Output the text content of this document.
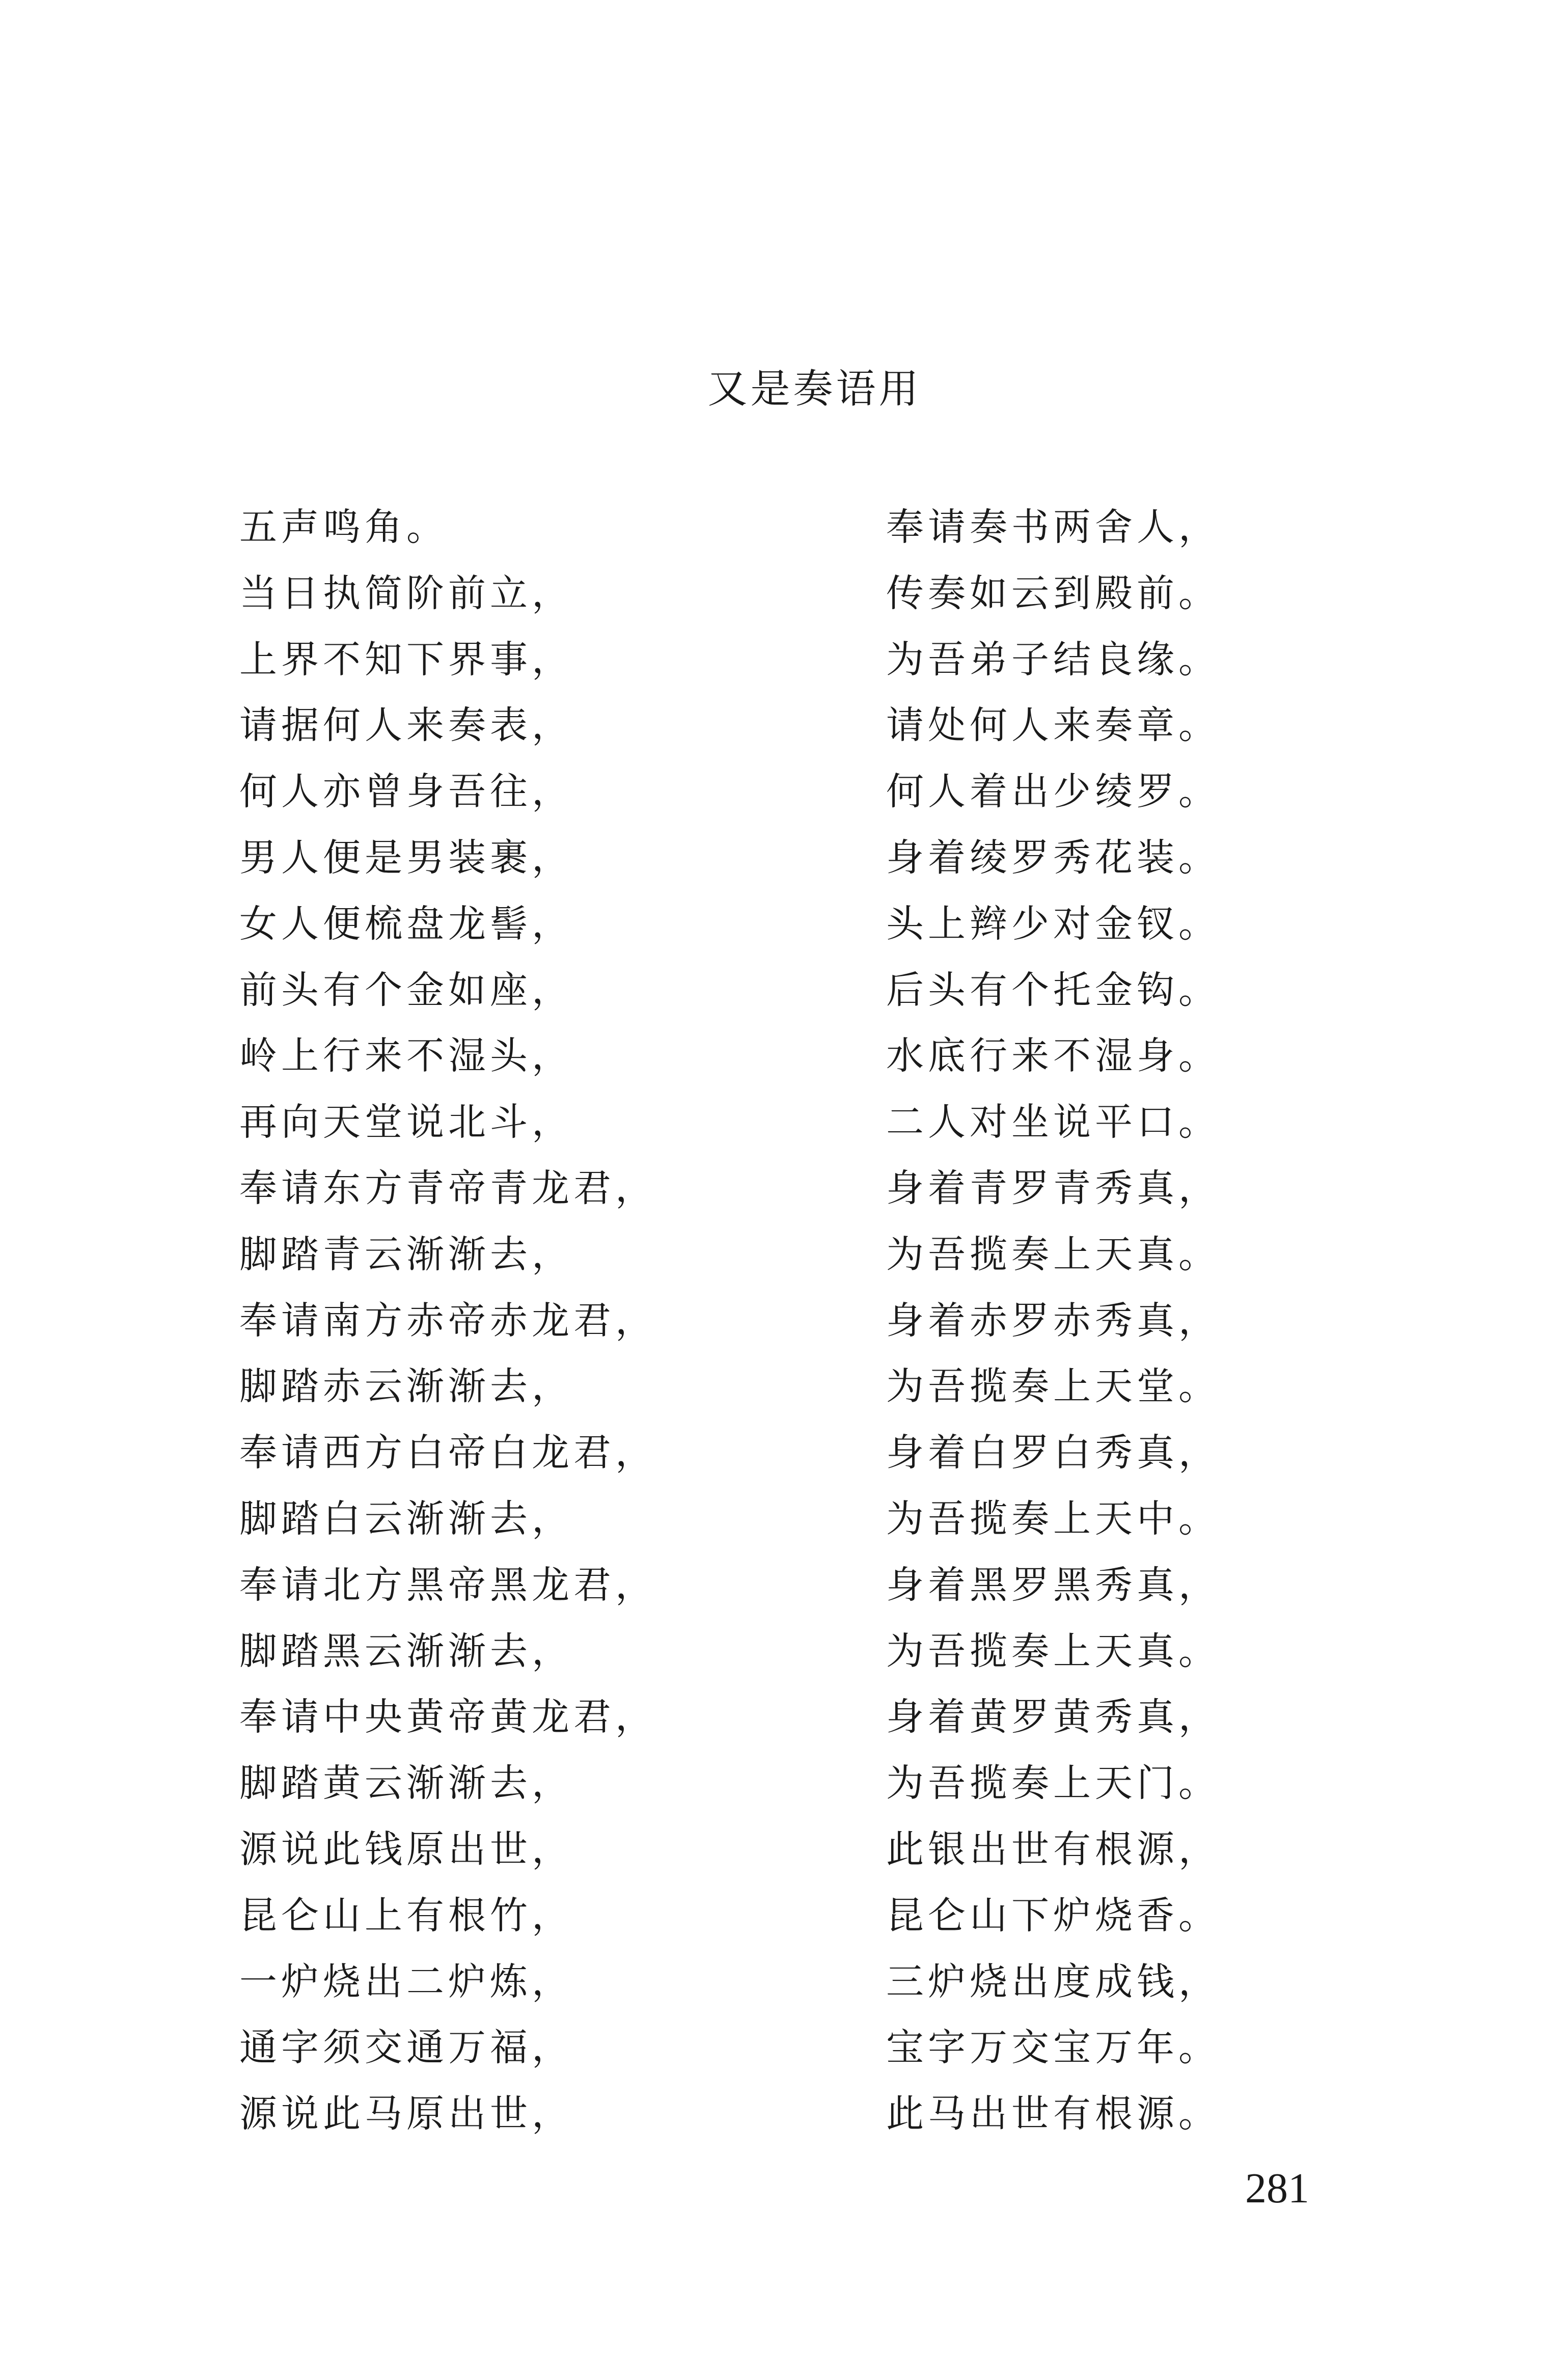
又是奏语用
五声鸣角。
当日执简阶前立，
上界不知下界事，
请据何人来奏表，
何人亦曾身吾往，
男人便是男装裹，
女人便梳盘龙髻，
前头有个金如座，
岭上行来不湿头，
再向天堂说北斗，
奉请东方青帝青龙君，
脚踏青云渐渐去，
奉请南方赤帝赤龙君，
脚踏赤云渐渐去，
奉请西方白帝白龙君，
脚踏白云渐渐去，
奉请北方黑帝黑龙君，
脚踏黑云渐渐去，
奉请中央黄帝黄龙君，
脚踏黄云渐渐去，
源说此钱原出世，
昆仑山上有根竹，
一炉烧出二炉炼，
通字须交通万福，
源说此马原出世，
奉请奏书两舍人，
传奏如云到殿前。
为吾弟子结良缘。
请处何人来奏章。
何人着出少绫罗。
身着绫罗秀花装。
头上辫少对金钗。
后头有个托金钩。
水底行来不湿身。
二人对坐说平口。
身着青罗青秀真，
为吾揽奏上天真。
身着赤罗赤秀真，
为吾揽奏上天堂。
身着白罗白秀真，
为吾揽奏上天中。
身着黑罗黑秀真，
为吾揽奏上天真。
身着黄罗黄秀真，
为吾揽奏上天门。
此银出世有根源，
昆仑山下炉烧香。
三炉烧出度成钱，
宝字万交宝万年。
此马出世有根源。
281
